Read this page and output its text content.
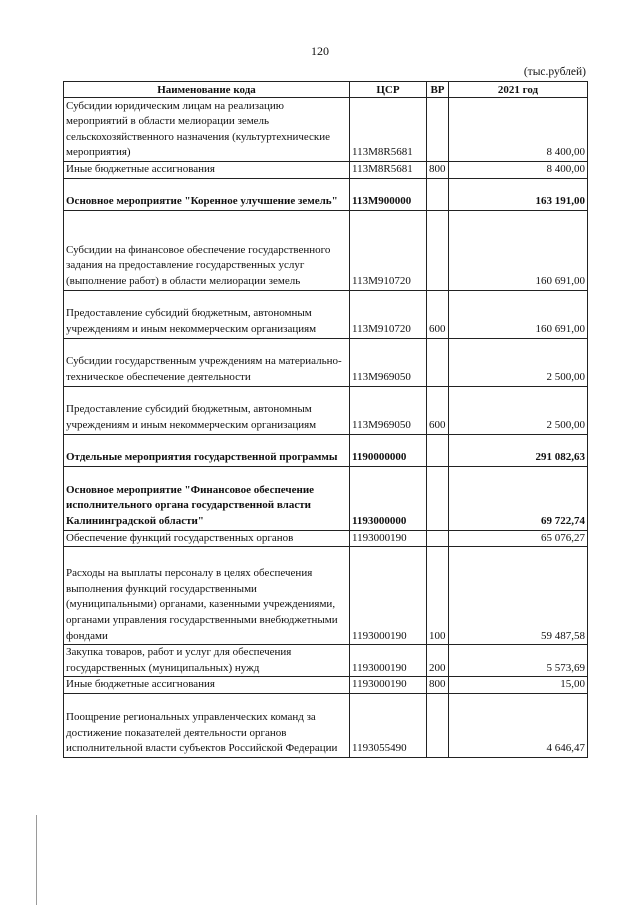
120
(тыс.рублей)
Наименование кода	ЦСР	ВР	2021 год
Субсидии юридическим лицам на реализацию мероприятий в области мелиорации земель сельскохозяйственного назначения (культуртехнические мероприятия)	113M8R5681		8 400,00
Иные бюджетные ассигнования	113M8R5681	800	8 400,00
Основное мероприятие "Коренное улучшение земель"	113M900000		163 191,00
Субсидии на финансовое обеспечение государственного задания на предоставление государственных услуг (выполнение работ) в области мелиорации земель	113M910720		160 691,00
Предоставление субсидий бюджетным, автономным учреждениям и иным некоммерческим организациям	113M910720	600	160 691,00
Субсидии государственным учреждениям на материально-техническое обеспечение деятельности	113M969050		2 500,00
Предоставление субсидий бюджетным, автономным учреждениям и иным некоммерческим организациям	113M969050	600	2 500,00
Отдельные мероприятия государственной программы	1190000000		291 082,63
Основное мероприятие "Финансовое обеспечение исполнительного органа государственной власти Калининградской области"	1193000000		69 722,74
Обеспечение функций государственных органов	1193000190		65 076,27
Расходы на выплаты персоналу в целях обеспечения выполнения функций государственными (муниципальными) органами, казенными учреждениями, органами управления государственными внебюджетными фондами	1193000190	100	59 487,58
Закупка товаров, работ и услуг для обеспечения государственных (муниципальных) нужд	1193000190	200	5 573,69
Иные бюджетные ассигнования	1193000190	800	15,00
Поощрение региональных управленческих команд за достижение показателей деятельности органов исполнительной власти субъектов Российской Федерации	1193055490		4 646,47
